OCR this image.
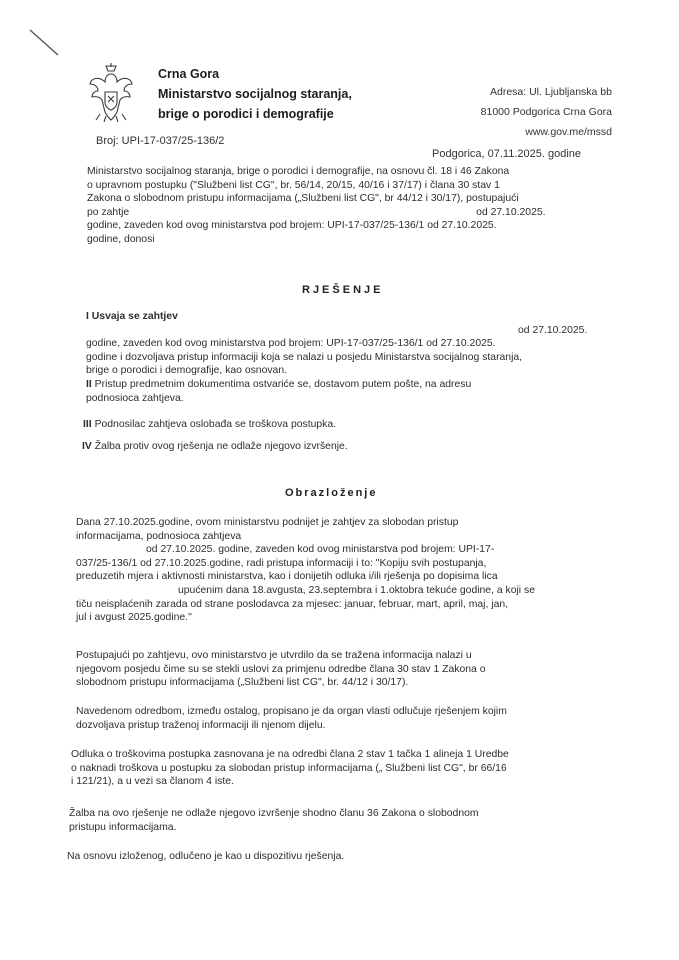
Crna Gora
Ministarstvo socijalnog staranja,
brige o porodici i demografije
Adresa: Ul. Ljubljanska bb
81000 Podgorica Crna Gora
www.gov.me/mssd
Broj: UPI-17-037/25-136/2
Podgorica, 07.11.2025. godine
Ministarstvo socijalnog staranja, brige o porodici i demografije, na osnovu čl. 18 i 46 Zakona
o upravnom postupku ("Službeni list CG", br. 56/14, 20/15, 40/16 i 37/17) i člana 30 stav 1
Zakona o slobodnom pristupu informacijama („Službeni list CG", br 44/12 i 30/17), postupajući
po zahtje	od 27.10.2025.
godine, zaveden kod ovog ministarstva pod brojem: UPI-17-037/25-136/1 od 27.10.2025.
godine, donosi
RJEŠENJE
I Usvaja se zahtjev
od 27.10.2025.
godine, zaveden kod ovog ministarstva pod brojem: UPI-17-037/25-136/1 od 27.10.2025.
godine i dozvoljava pristup informaciji koja se nalazi u posjedu Ministarstva socijalnog staranja,
brige o porodici i demografije, kao osnovan.
II Pristup predmetnim dokumentima ostvariće se, dostavom putem pošte, na adresu
podnosioca zahtjeva.
III Podnosilac zahtjeva oslobađa se troškova postupka.
IV Žalba protiv ovog rješenja ne odlaže njegovo izvršenje.
Obrazloženje
Dana 27.10.2025.godine, ovom ministarstvu podnijet je zahtjev za slobodan pristup
informacijama, podnosioca zahtjeva
od 27.10.2025. godine, zaveden kod ovog ministarstva pod brojem: UPI-17-
037/25-136/1 od 27.10.2025.godine, radi pristupa informaciji i to: "Kopiju svih postupanja,
preduzetih mjera i aktivnosti ministarstva, kao i donijetih odluka i/ili rješenja po dopisima lica
upućenim dana 18.avgusta, 23.septembra i 1.oktobra tekuće godine, a koji se
tiču neisplaćenih zarada od strane poslodavca za mjesec: januar, februar, mart, april, maj, jan,
jul i avgust 2025.godine."
Postupajući po zahtjevu, ovo ministarstvo je utvrdilo da se tražena informacija nalazi u
njegovom posjedu čime su se stekli uslovi za primjenu odredbe člana 30 stav 1 Zakona o
slobodnom pristupu informacijama („Službeni list CG", br. 44/12 i 30/17).
Navedenom odredbom, između ostalog, propisano je da organ vlasti odlučuje rješenjem kojim
dozvoljava pristup traženoj informaciji ili njenom dijelu.
Odluka o troškovima postupka zasnovana je na odredbi člana 2 stav 1 tačka 1 alineja 1 Uredbe
o naknadi troškova u postupku za slobodan pristup informacijama („ Službeni list CG", br 66/16
i 121/21), a u vezi sa članom 4 iste.
Žalba na ovo rješenje ne odlaže njegovo izvršenje shodno članu 36 Zakona o slobodnom
pristupu informacijama.
Na osnovu izloženog, odlučeno je kao u dispozitivu rješenja.
